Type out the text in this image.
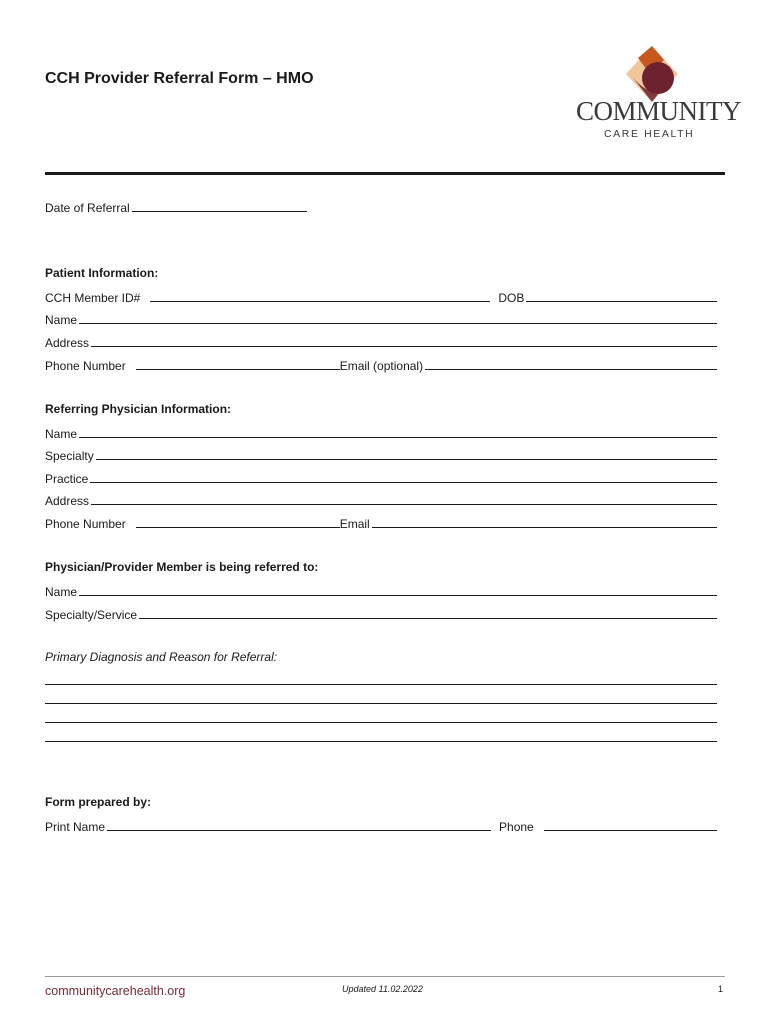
CCH Provider Referral Form – HMO
COMMUNITY
CARE HEALTH
Date of Referral
Patient Information:
CCH Member ID#	DOB
Name
Address
Phone Number	Email (optional)
Referring Physician Information:
Name
Specialty
Practice
Address
Phone Number	Email
Physician/Provider Member is being referred to:
Name
Specialty/Service
Primary Diagnosis and Reason for Referral:
Form prepared by:
Print Name	Phone
communitycarehealth.org	Updated 11.02.2022	1
